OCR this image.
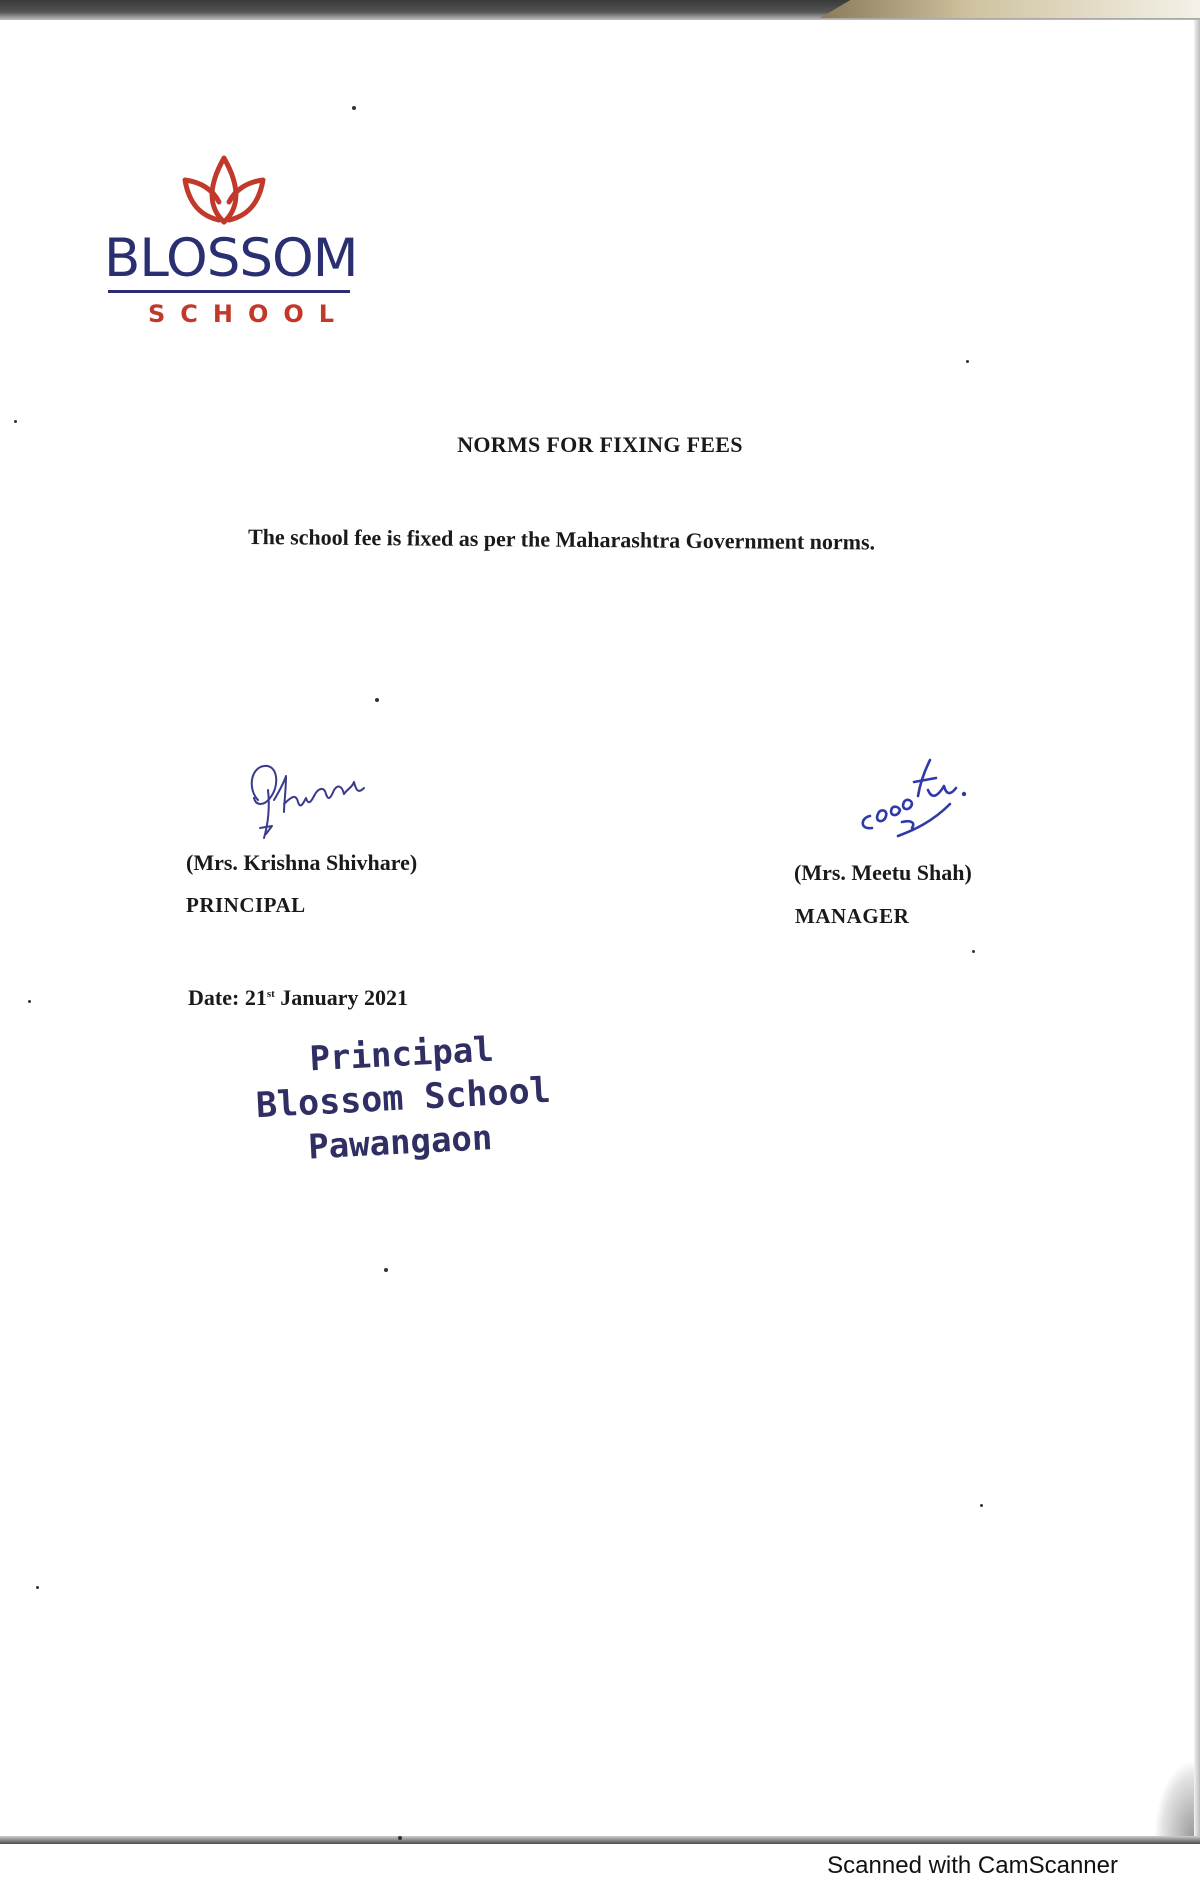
BLOSSOM
SCHOOL
NORMS FOR FIXING FEES
The school fee is fixed as per the Maharashtra Government norms.
(Mrs. Krishna Shivhare)
PRINCIPAL
(Mrs. Meetu Shah)
MANAGER
Date: 21st January 2021
Principal
Blossom School
Pawangaon
Scanned with CamScanner
